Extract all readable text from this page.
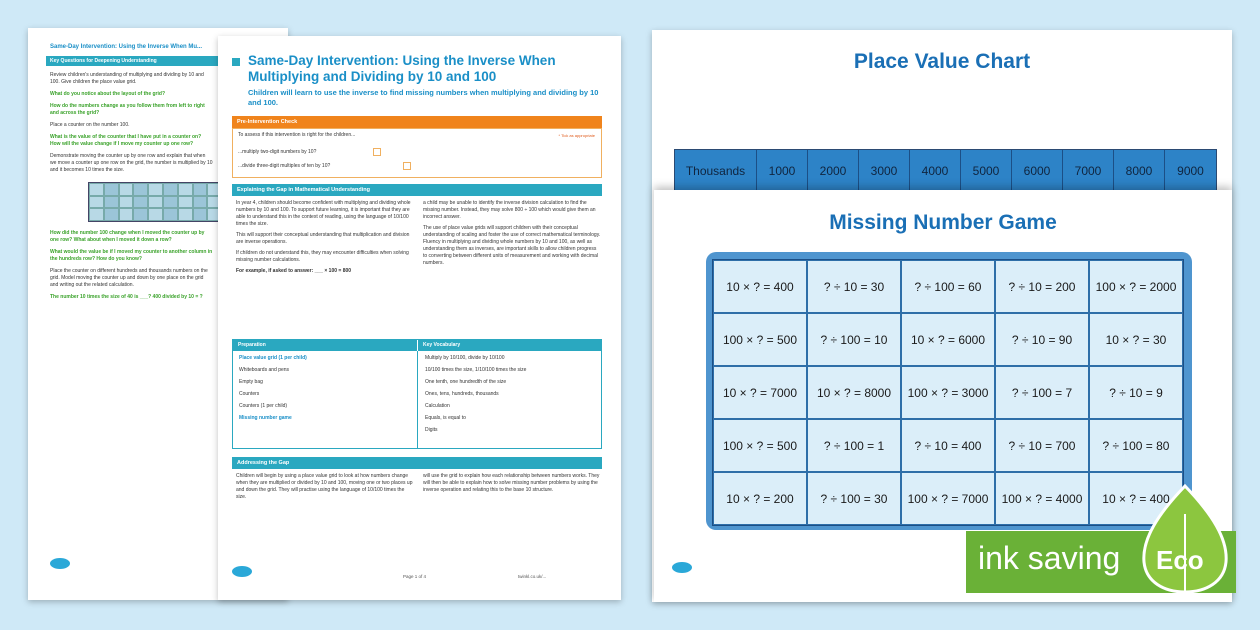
Same-Day Intervention: Using the Inverse When Mu...
Key Questions for Deepening Understanding

Review children's understanding of multiplying and dividing by 10 and 100. Give children the place value grid.

What do you notice about the layout of the grid?

How do the numbers change as you follow them from left to right and across the grid?

Place a counter on the number 100.

What is the value of the counter that I have put in a counter on? How will the value change if I move my counter up one row?

Demonstrate moving the counter up by one row and explain that when we move a counter up one row on the grid, the number is multiplied by 10 and it becomes 10 times the size.

How did the number 100 change when I moved the counter up by one row? What about when I moved it down a row?

What would the value be if I moved my counter to another column in the hundreds row? How do you know?

Place the counter on different hundreds and thousands numbers on the grid. Model moving the counter up and down by one place on the grid and writing out the related calculation.

The number 10 times the size of 40 is ___? 400 divided by 10 = ?

Same-Day Intervention: Using the Inverse When Multiplying and Dividing by 10 and 100
Children will learn to use the inverse to find missing numbers when multiplying and dividing by 10 and 100.
Pre-Intervention Check
* Tick as appropriate
To assess if this intervention is right for the children...
...multiply two-digit numbers by 10?
...divide three-digit multiples of ten by 10?
Explaining the Gap in Mathematical Understanding

In year 4, children should become confident with multiplying and dividing whole numbers by 10 and 100. To support future learning, it is important that they are able to understand this in the context of reading, using the language of 10/100 times the size.

This will support their conceptual understanding that multiplication and division are inverse operations.

If children do not understand this, they may encounter difficulties when solving missing number calculations.

For example, if asked to answer: ___ × 100 = 800

a child may be unable to identify the inverse division calculation to find the missing number. Instead, they may solve 800 ÷ 100 which would give them an incorrect answer.

The use of place value grids will support children with their conceptual understanding of scaling and foster the use of correct mathematical terminology. Fluency in multiplying and dividing whole numbers by 10 and 100, as well as understanding them as inverses, are important skills to allow children progress to converting between different units of measurement and working with decimal numbers.

Preparation	Key Vocabulary
Place value grid (1 per child)
Whiteboards and pens
Empty bag
Counters
Counters (1 per child)
Missing number game
Multiply by 10/100, divide by 10/100
10/100 times the size, 1/10/100 times the size
One tenth, one hundredth of the size
Ones, tens, hundreds, thousands
Calculation
Equals, is equal to
Digits
Addressing the Gap
Children will begin by using a place value grid to look at how numbers change when they are multiplied or divided by 10 and 100, moving one or two places up and down the grid. They will practise using the language of 10/100 times the size.
will use the grid to explain how each relationship between numbers works. They will then be able to explain how to solve missing number problems by using the inverse operation and relating this to the base 10 structure.
Page 1 of 4	twinkl.co.uk/...
Place Value Chart
Thousands	1000	2000	3000	4000	5000	6000	7000	8000	9000
Missing Number Game
10 × ? = 400	? ÷ 10 = 30	? ÷ 100 = 60	? ÷ 10 = 200	100 × ? = 2000
100 × ? = 500	? ÷ 100 = 10	10 × ? = 6000	? ÷ 10 = 90	10 × ? = 30
10 × ? = 7000	10 × ? = 8000	100 × ? = 3000	? ÷ 100 = 7	? ÷ 10 = 9
100 × ? = 500	? ÷ 100 = 1	? ÷ 10 = 400	? ÷ 10 = 700	? ÷ 100 = 80
10 × ? = 200	? ÷ 100 = 30	100 × ? = 7000	100 × ? = 4000	10 × ? = 400
ink saving Eco
